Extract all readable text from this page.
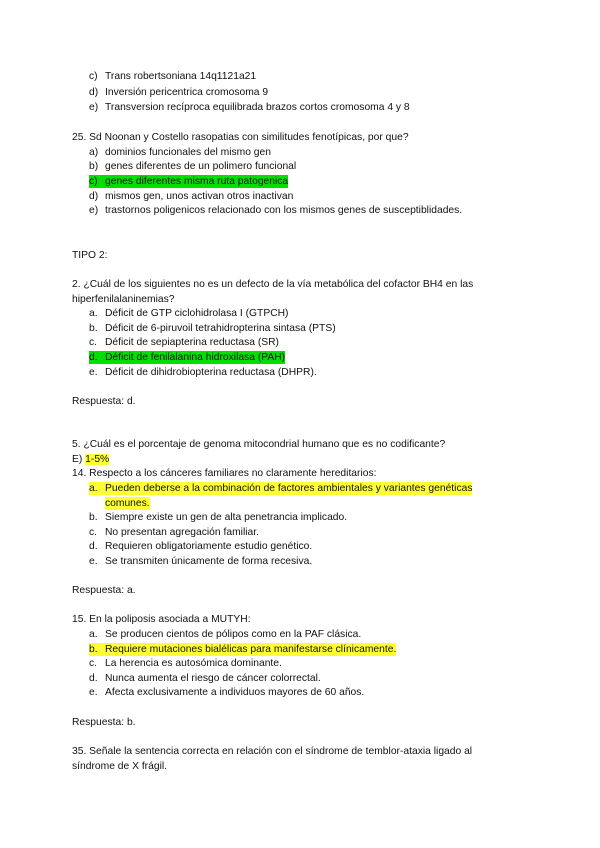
c) Trans robertsoniana 14q1121a21
d) Inversión pericentrica cromosoma 9
e) Transversion recíproca equilibrada brazos cortos cromosoma 4 y 8
25. Sd Noonan y Costello rasopatias con similitudes fenotípicas, por que?
a) dominios funcionales del mismo gen
b) genes diferentes de un polimero funcional
c) genes diferentes misma ruta patogenica
d) mismos gen, unos activan otros inactivan
e) trastornos poligenicos relacionado con los mismos genes de susceptiblidades.
TIPO 2:
2. ¿Cuál de los siguientes no es un defecto de la vía metabólica del cofactor BH4 en las
hiperfenilalaninemias?
a. Déficit de GTP ciclohidrolasa I (GTPCH)
b. Déficit de 6-piruvoil tetrahidropterina sintasa (PTS)
c. Déficit de sepiapterina reductasa (SR)
d. Déficit de fenilalanina hidroxilasa (PAH)
e. Déficit de dihidrobiopterina reductasa (DHPR).
Respuesta: d.
5. ¿Cuál es el porcentaje de genoma mitocondrial humano que es no codificante?
E) 1-5%
14. Respecto a los cánceres familiares no claramente hereditarios:
a. Pueden deberse a la combinación de factores ambientales y variantes genéticas
comunes.
b. Siempre existe un gen de alta penetrancia implicado.
c. No presentan agregación familiar.
d. Requieren obligatoriamente estudio genético.
e. Se transmiten únicamente de forma recesiva.
Respuesta: a.
15. En la poliposis asociada a MUTYH:
a. Se producen cientos de pólipos como en la PAF clásica.
b. Requiere mutaciones bialélicas para manifestarse clínicamente.
c. La herencia es autosómica dominante.
d. Nunca aumenta el riesgo de cáncer colorrectal.
e. Afecta exclusivamente a individuos mayores de 60 años.
Respuesta: b.
35. Señale la sentencia correcta en relación con el síndrome de temblor-ataxia ligado al
síndrome de X frágil.
